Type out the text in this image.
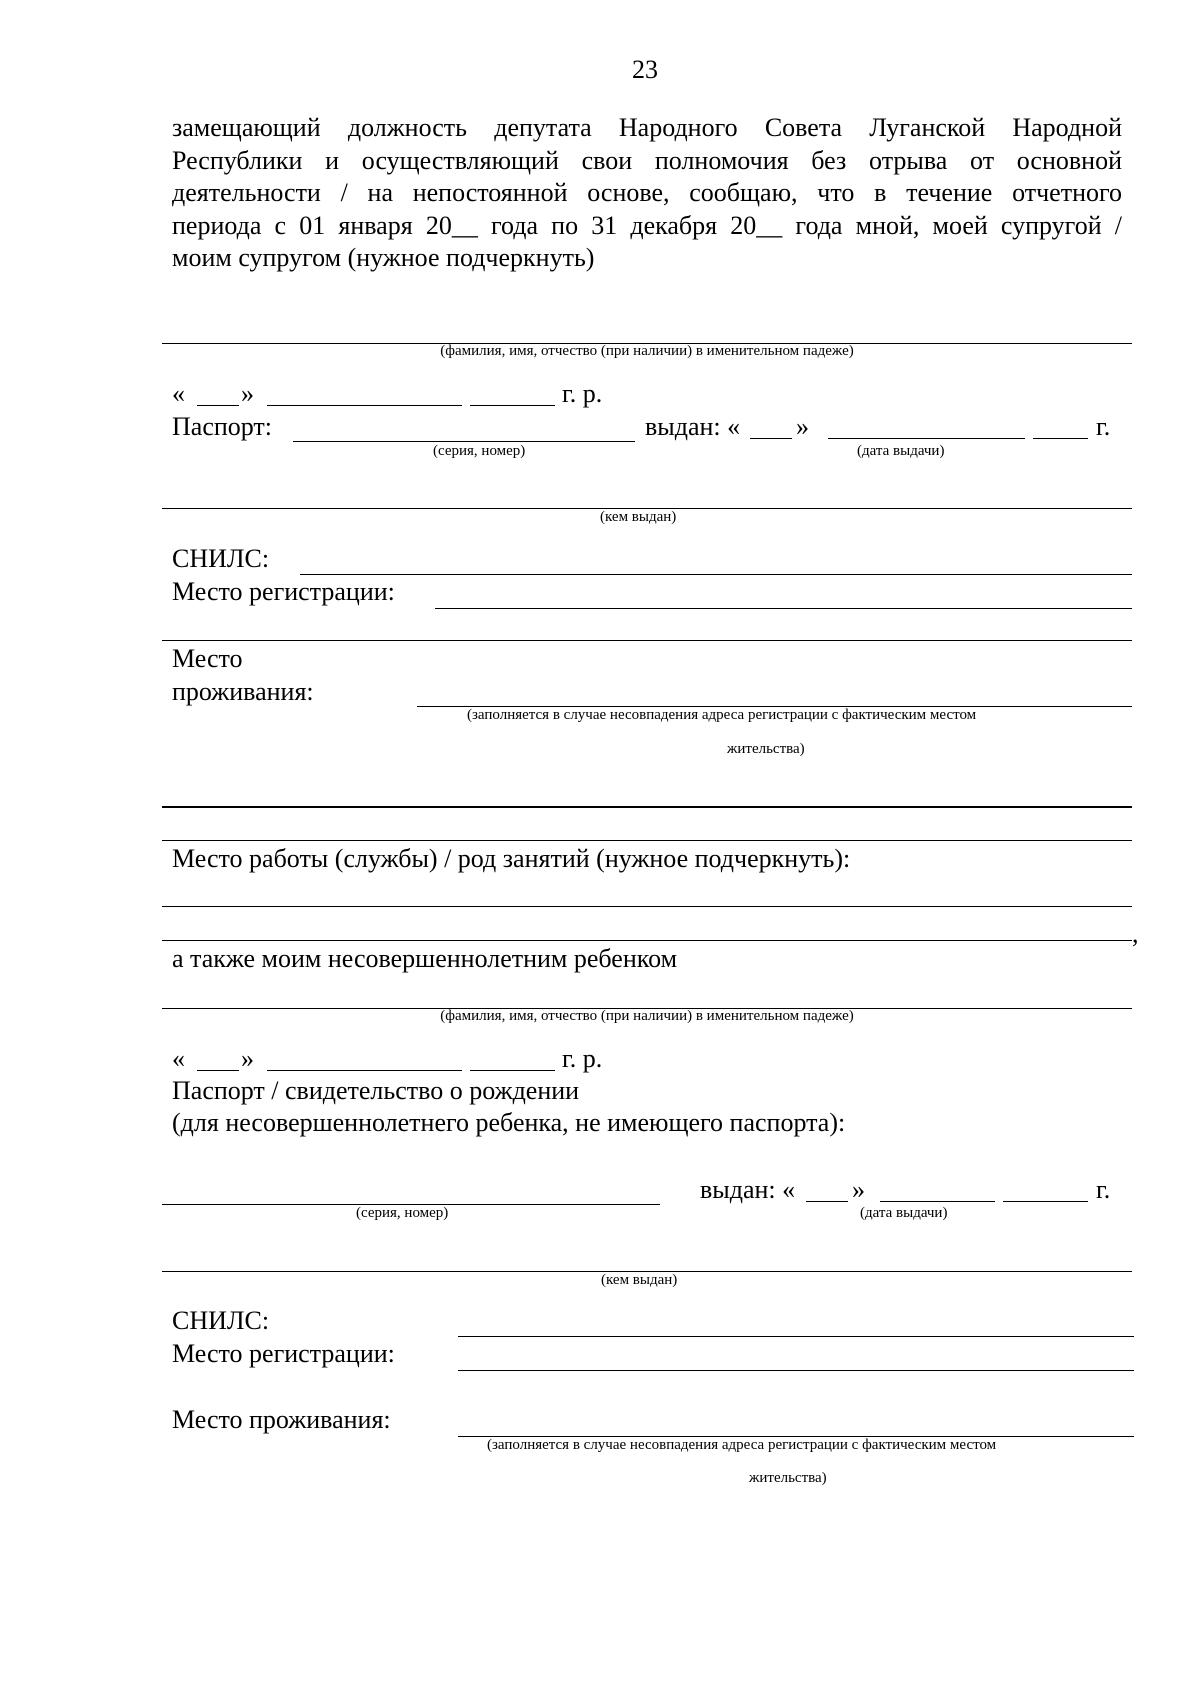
23
замещающий должность депутата Народного Совета Луганской Народной
Республики и осуществляющий свои полномочия без отрыва от основной
деятельности / на непостоянной основе, сообщаю, что в течение отчетного
периода с 01 января 20__ года по 31 декабря 20__ года мной, моей супругой /
моим супругом (нужное подчеркнуть)
(фамилия, имя, отчество (при наличии) в именительном падеже)
« »	г. р.
Паспорт:
(серия, номер)
выдан: « »	г.
(дата выдачи)
(кем выдан)
СНИЛС:
Место регистрации:
Место
проживания:
(заполняется в случае несовпадения адреса регистрации с фактическим местом
жительства)
Место работы (службы) / род занятий (нужное подчеркнуть):
,
а также моим несовершеннолетним ребенком
(фамилия, имя, отчество (при наличии) в именительном падеже)
« »	г. р.
Паспорт / свидетельство о рождении
(для несовершеннолетнего ребенка, не имеющего паспорта):
(серия, номер)
выдан: « »	г.
(дата выдачи)
(кем выдан)
СНИЛС:
Место регистрации:
Место проживания:
(заполняется в случае несовпадения адреса регистрации с фактическим местом
жительства)
